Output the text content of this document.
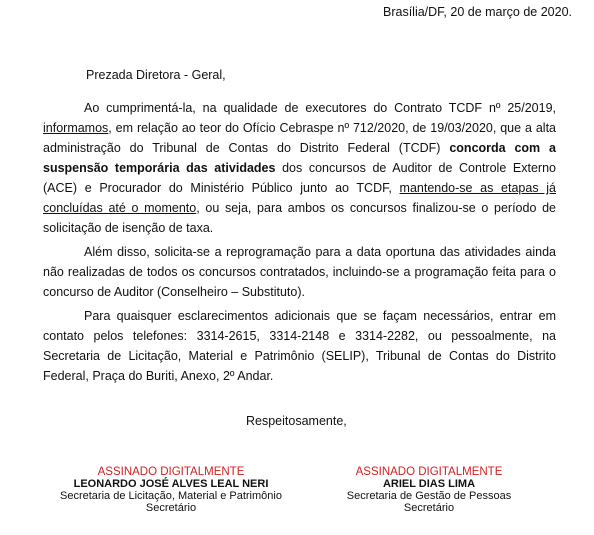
Brasília/DF, 20 de março de 2020.
Prezada Diretora - Geral,

Ao cumprimentá-la, na qualidade de executores do Contrato TCDF nº 25/2019, informamos, em relação ao teor do Ofício Cebraspe nº 712/2020, de 19/03/2020, que a alta administração do Tribunal de Contas do Distrito Federal (TCDF) concorda com a suspensão temporária das atividades dos concursos de Auditor de Controle Externo (ACE) e Procurador do Ministério Público junto ao TCDF, mantendo-se as etapas já concluídas até o momento, ou seja, para ambos os concursos finalizou-se o período de solicitação de isenção de taxa.

Além disso, solicita-se a reprogramação para a data oportuna das atividades ainda não realizadas de todos os concursos contratados, incluindo-se a programação feita para o concurso de Auditor (Conselheiro – Substituto).

Para quaisquer esclarecimentos adicionais que se façam necessários, entrar em contato pelos telefones: 3314-2615, 3314-2148 e 3314-2282, ou pessoalmente, na Secretaria de Licitação, Material e Patrimônio (SELIP), Tribunal de Contas do Distrito Federal, Praça do Buriti, Anexo, 2º Andar.

Respeitosamente,
ASSINADO DIGITALMENTE
LEONARDO JOSÉ ALVES LEAL NERI
Secretaria de Licitação, Material e Patrimônio
Secretário
ASSINADO DIGITALMENTE
ARIEL DIAS LIMA
Secretaria de Gestão de Pessoas
Secretário
